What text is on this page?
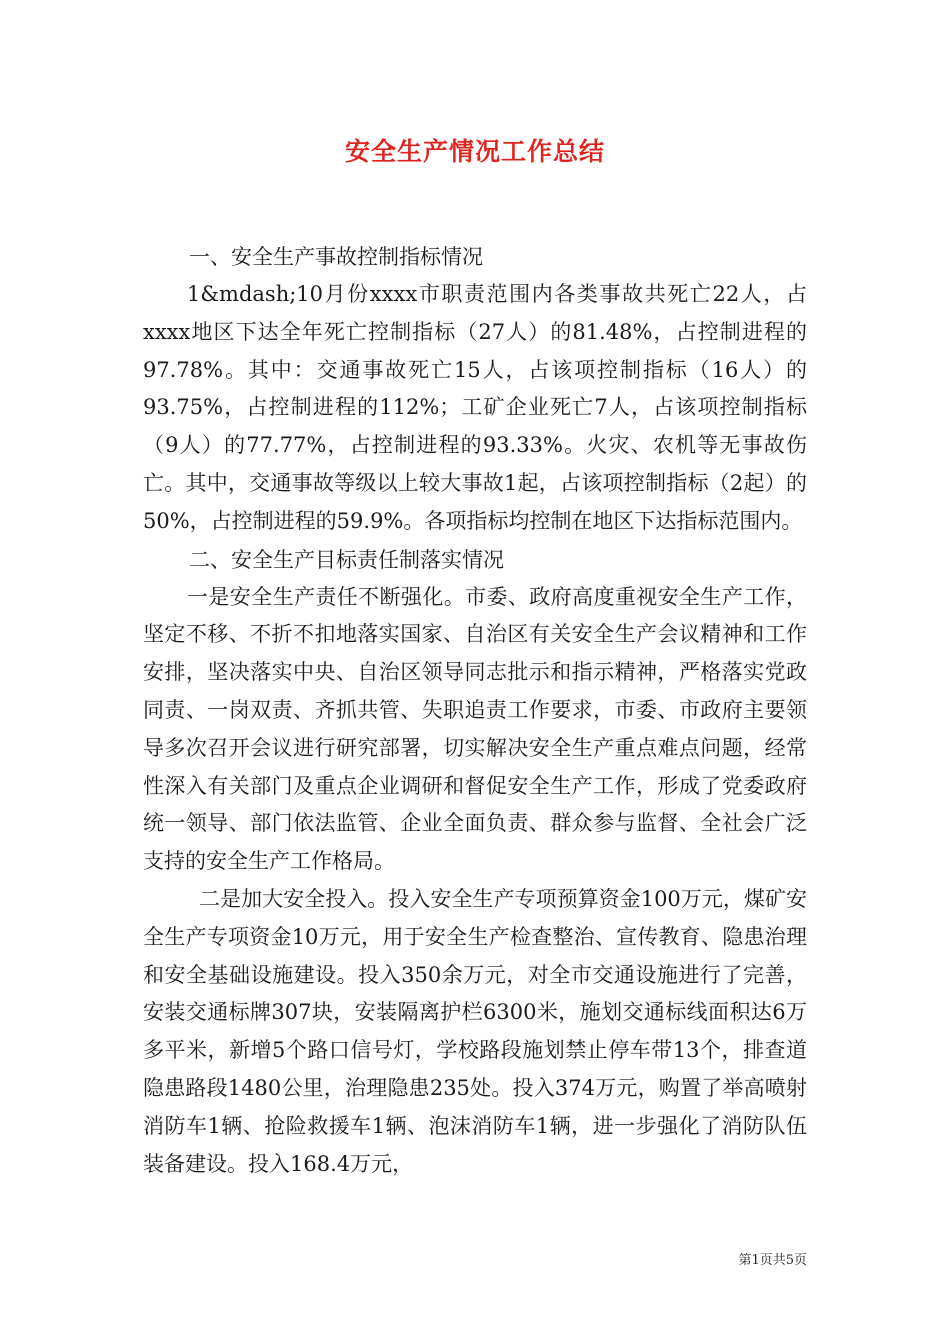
安全生产情况工作总结

一、安全生产事故控制指标情况

1&mdash;10月份xxxx市职责范围内各类事故共死亡22人，占xxxx地区下达全年死亡控制指标（27人）的81.48%，占控制进程的97.78%。其中：交通事故死亡15人，占该项控制指标（16人）的93.75%，占控制进程的112%；工矿企业死亡7人，占该项控制指标（9人）的77.77%，占控制进程的93.33%。火灾、农机等无事故伤亡。其中，交通事故等级以上较大事故1起，占该项控制指标（2起）的50%，占控制进程的59.9%。各项指标均控制在地区下达指标范围内。

二、安全生产目标责任制落实情况

一是安全生产责任不断强化。市委、政府高度重视安全生产工作，坚定不移、不折不扣地落实国家、自治区有关安全生产会议精神和工作安排，坚决落实中央、自治区领导同志批示和指示精神，严格落实党政同责、一岗双责、齐抓共管、失职追责工作要求，市委、市政府主要领导多次召开会议进行研究部署，切实解决安全生产重点难点问题，经常性深入有关部门及重点企业调研和督促安全生产工作，形成了党委政府统一领导、部门依法监管、企业全面负责、群众参与监督、全社会广泛支持的安全生产工作格局。

二是加大安全投入。投入安全生产专项预算资金100万元，煤矿安全生产专项资金10万元，用于安全生产检查整治、宣传教育、隐患治理和安全基础设施建设。投入350余万元，对全市交通设施进行了完善，安装交通标牌307块，安装隔离护栏6300米，施划交通标线面积达6万多平米，新增5个路口信号灯，学校路段施划禁止停车带13个，排查道隐患路段1480公里，治理隐患235处。投入374万元，购置了举高喷射消防车1辆、抢险救援车1辆、泡沫消防车1辆，进一步强化了消防队伍装备建设。投入168.4万元，

第1页共5页
